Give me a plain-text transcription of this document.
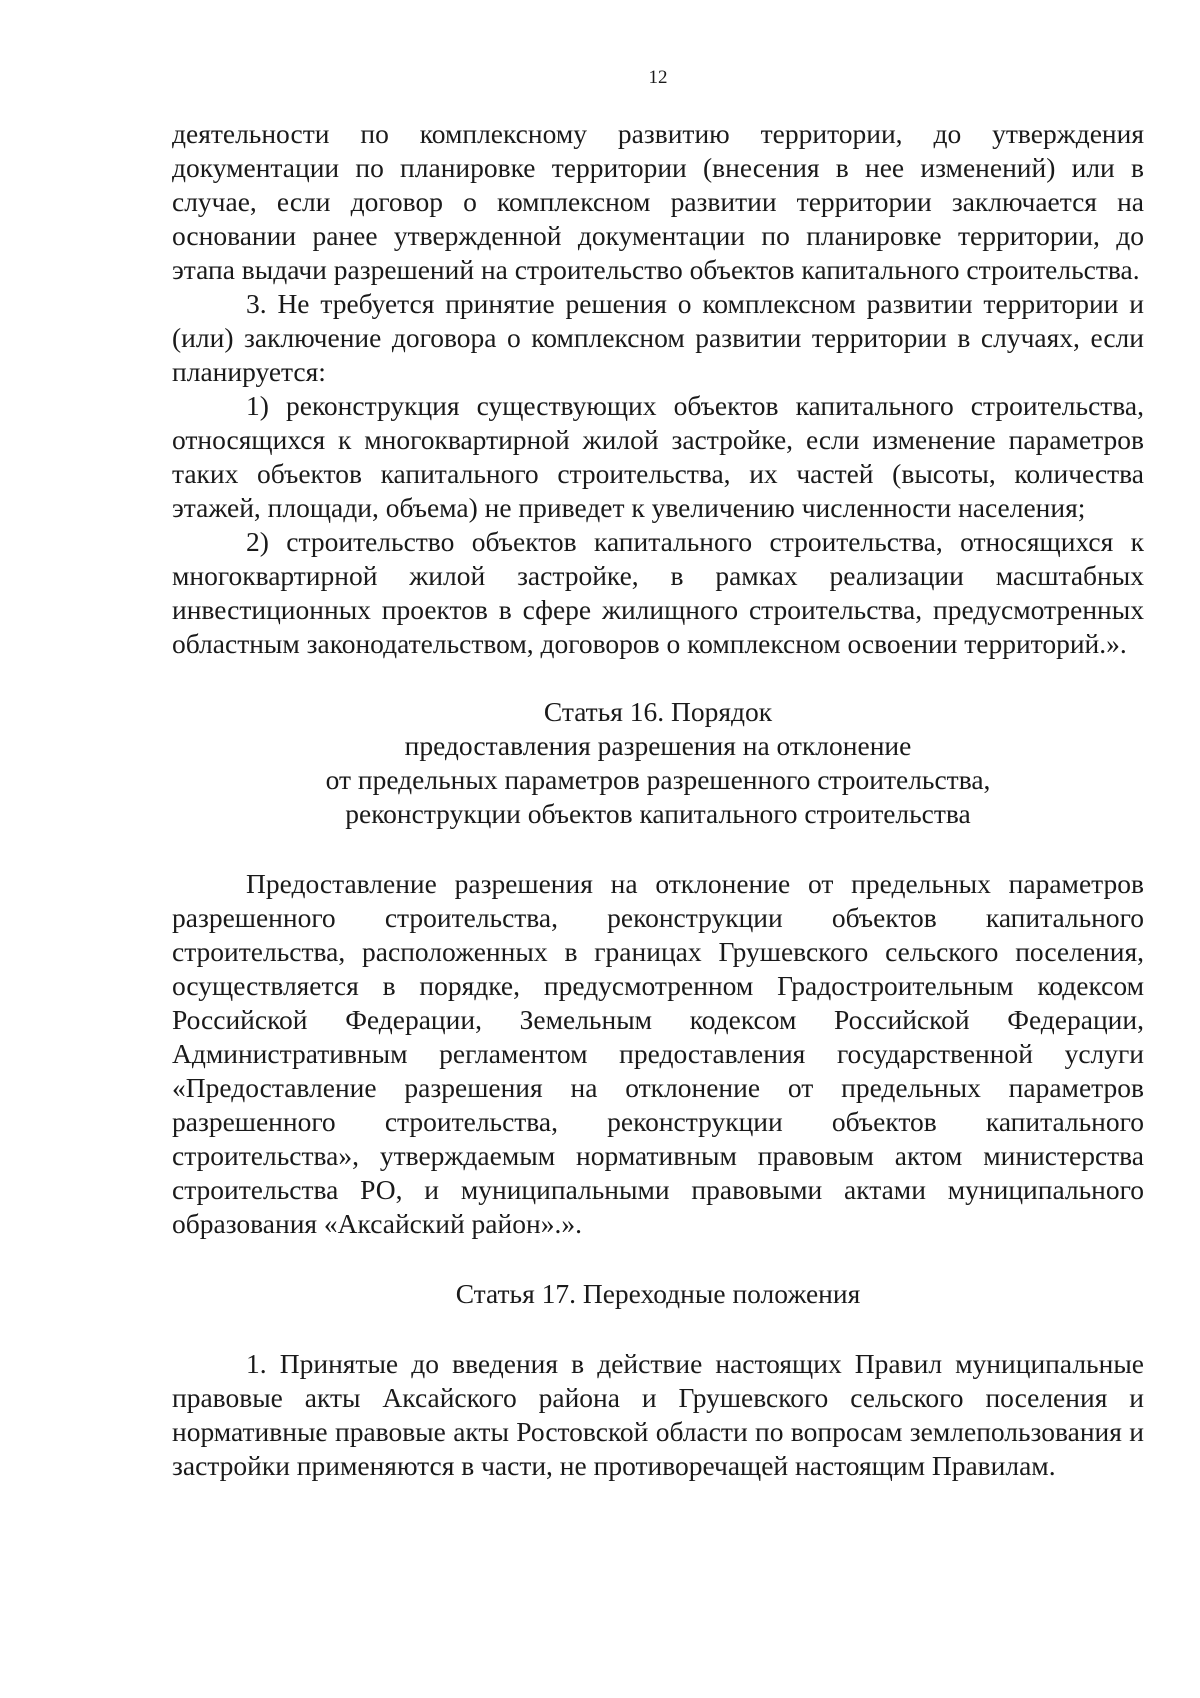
12

деятельности по комплексному развитию территории, до утверждения документации по планировке территории (внесения в нее изменений) или в случае, если договор о комплексном развитии территории заключается на основании ранее утвержденной документации по планировке территории, до этапа выдачи разрешений на строительство объектов капитального строительства.

3. Не требуется принятие решения о комплексном развитии территории и (или) заключение договора о комплексном развитии территории в случаях, если планируется:

1) реконструкция существующих объектов капитального строительства, относящихся к многоквартирной жилой застройке, если изменение параметров таких объектов капитального строительства, их частей (высоты, количества этажей, площади, объема) не приведет к увеличению численности населения;

2) строительство объектов капитального строительства, относящихся к многоквартирной жилой застройке, в рамках реализации масштабных инвестиционных проектов в сфере жилищного строительства, предусмотренных областным законодательством, договоров о комплексном освоении территорий.».

Статья 16. Порядок

предоставления разрешения на отклонение

от предельных параметров разрешенного строительства,

реконструкции объектов капитального строительства

Предоставление разрешения на отклонение от предельных параметров разрешенного строительства, реконструкции объектов капитального строительства, расположенных в границах Грушевского сельского поселения, осуществляется в порядке, предусмотренном Градостроительным кодексом Российской Федерации, Земельным кодексом Российской Федерации, Административным регламентом предоставления государственной услуги «Предоставление разрешения на отклонение от предельных параметров разрешенного строительства, реконструкции объектов капитального строительства», утверждаемым нормативным правовым актом министерства строительства РО, и муниципальными правовыми актами муниципального образования «Аксайский район».».

Статья 17. Переходные положения

1. Принятые до введения в действие настоящих Правил муниципальные правовые акты Аксайского района и Грушевского сельского поселения и нормативные правовые акты Ростовской области по вопросам землепользования и застройки применяются в части, не противоречащей настоящим Правилам.
